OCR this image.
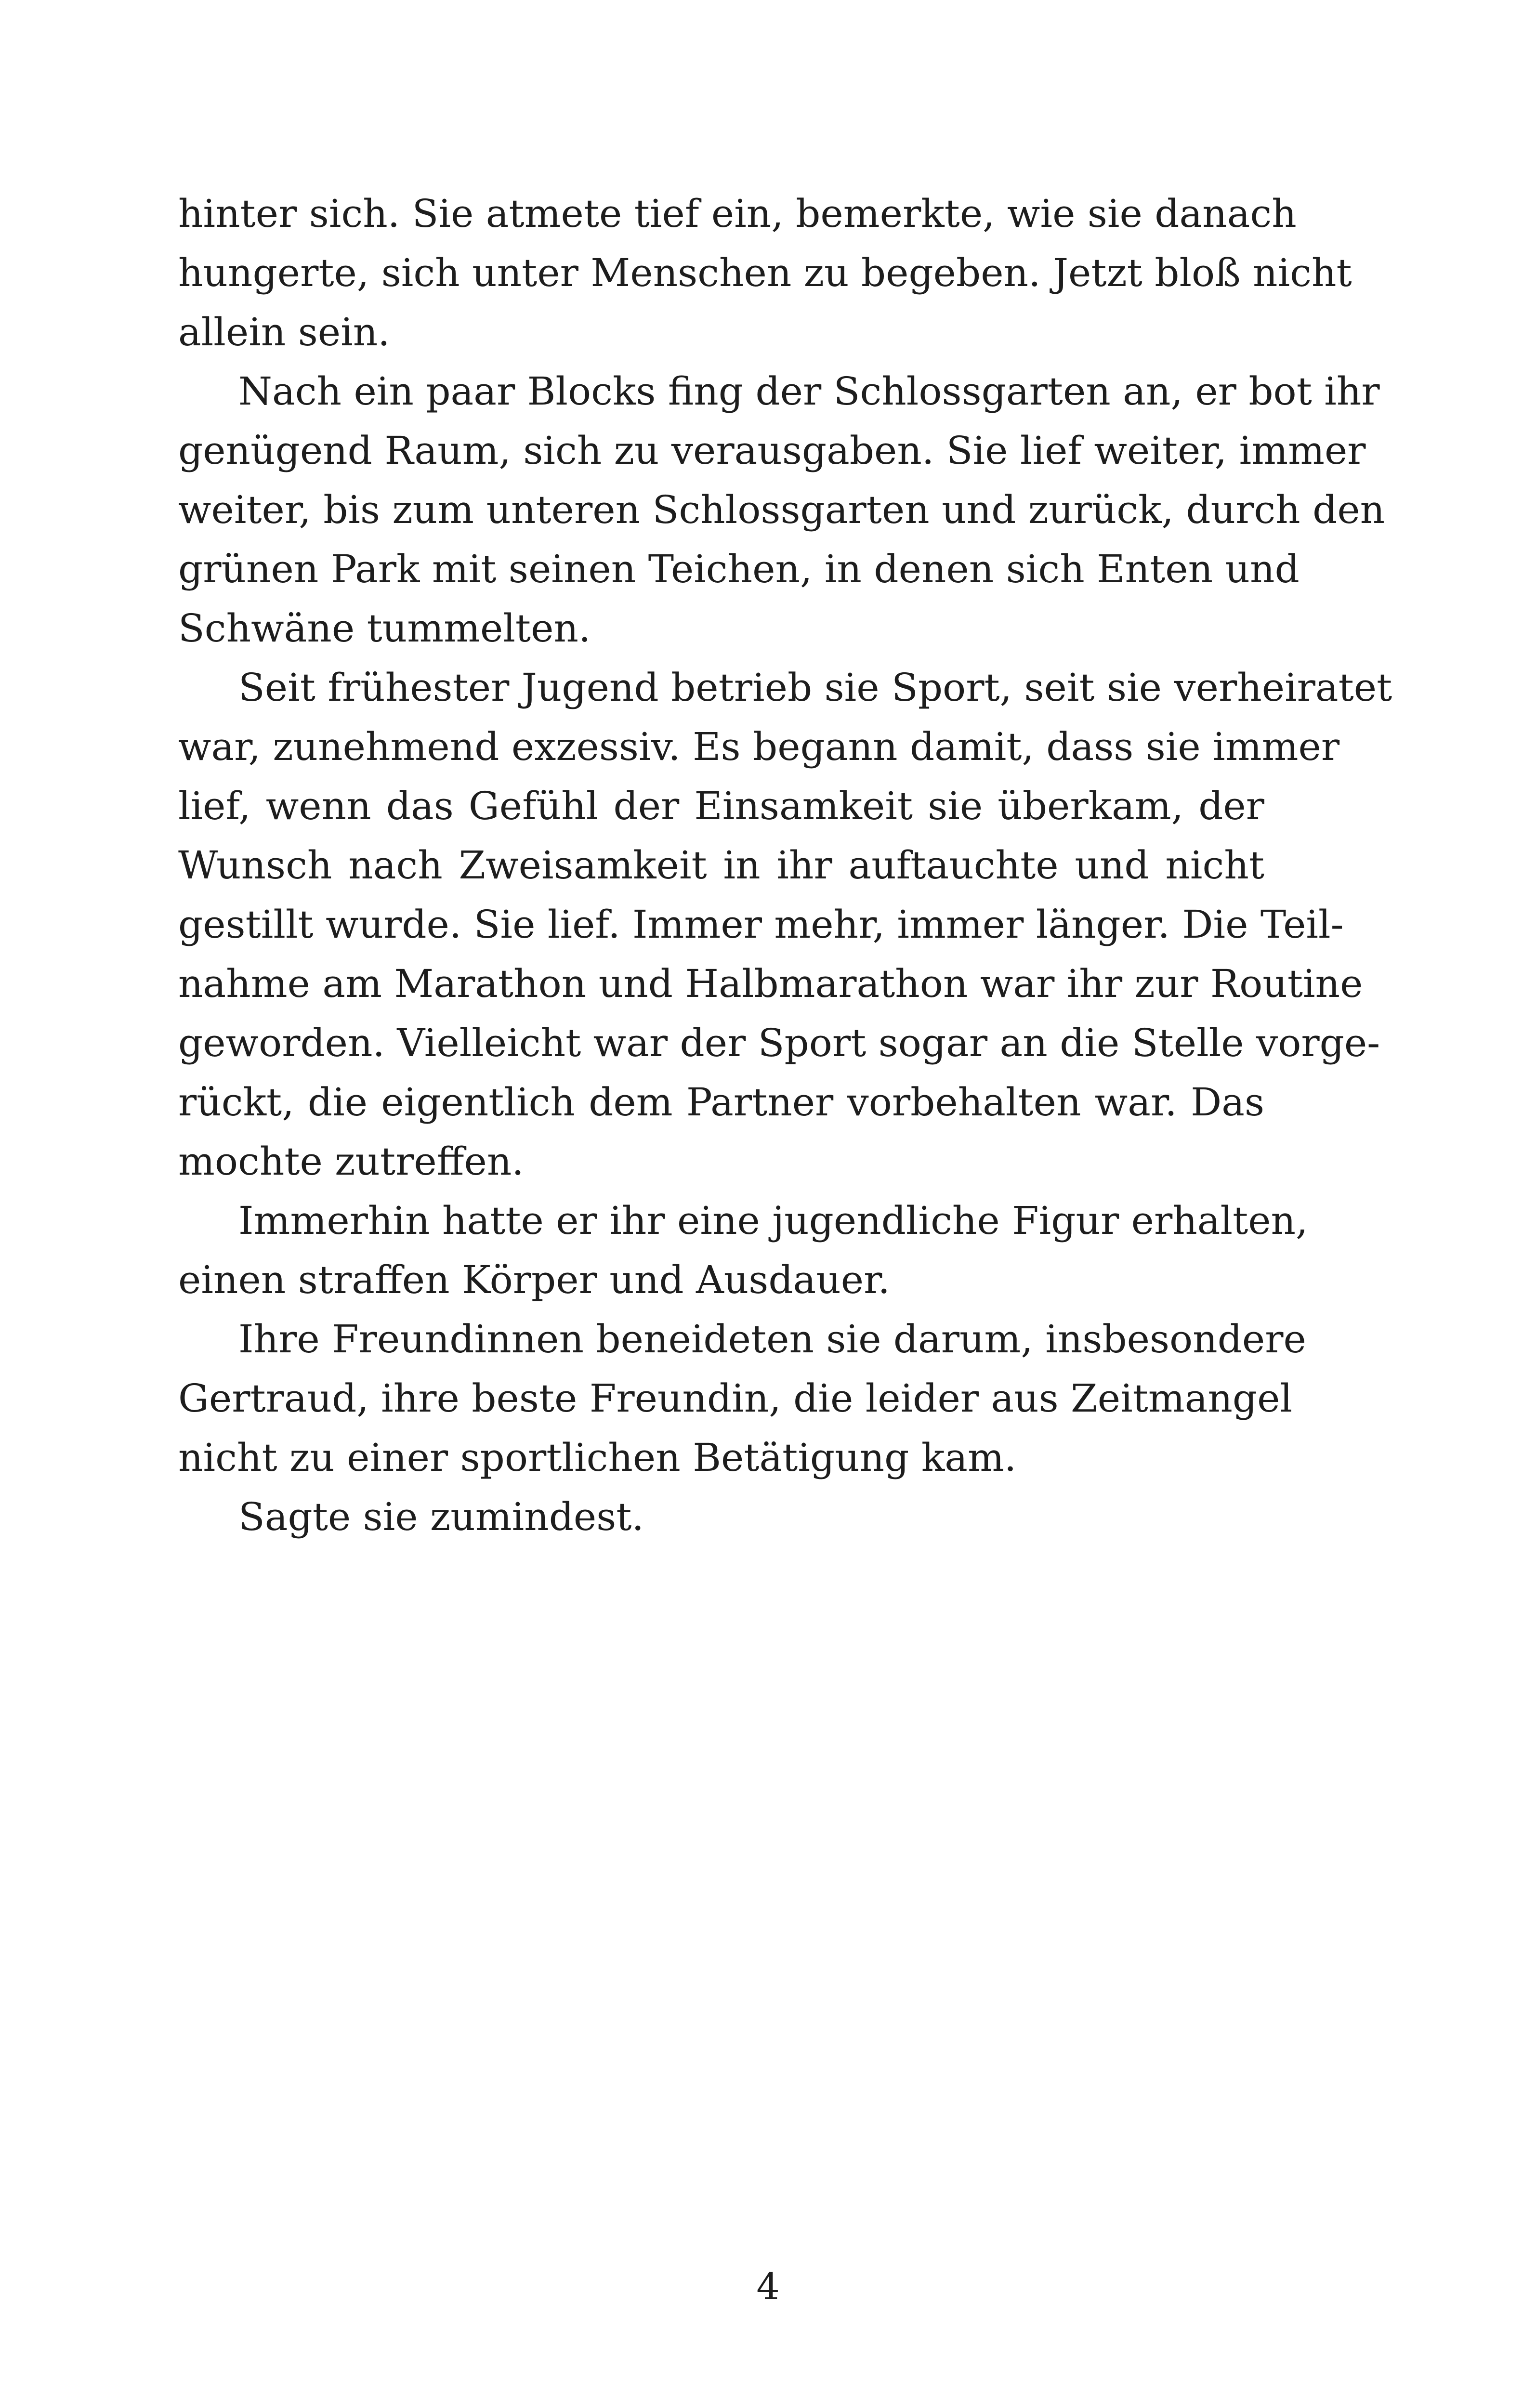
hinter sich. Sie atmete tief ein, bemerkte, wie sie danach
hungerte, sich unter Menschen zu begeben. Jetzt bloß nicht
allein sein.
Nach ein paar Blocks fing der Schlossgarten an, er bot ihr
genügend Raum, sich zu verausgaben. Sie lief weiter, immer
weiter, bis zum unteren Schlossgarten und zurück, durch den
grünen Park mit seinen Teichen, in denen sich Enten und
Schwäne tummelten.
Seit frühester Jugend betrieb sie Sport, seit sie verheiratet
war, zunehmend exzessiv. Es begann damit, dass sie immer
lief, wenn das Gefühl der Einsamkeit sie überkam, der
Wunsch nach Zweisamkeit in ihr auftauchte und nicht
gestillt wurde. Sie lief. Immer mehr, immer länger. Die Teil-
nahme am Marathon und Halbmarathon war ihr zur Routine
geworden. Vielleicht war der Sport sogar an die Stelle vorge-
rückt, die eigentlich dem Partner vorbehalten war. Das
mochte zutreffen.
Immerhin hatte er ihr eine jugendliche Figur erhalten,
einen straffen Körper und Ausdauer.
Ihre Freundinnen beneideten sie darum, insbesondere
Gertraud, ihre beste Freundin, die leider aus Zeitmangel
nicht zu einer sportlichen Betätigung kam.
Sagte sie zumindest.
4
